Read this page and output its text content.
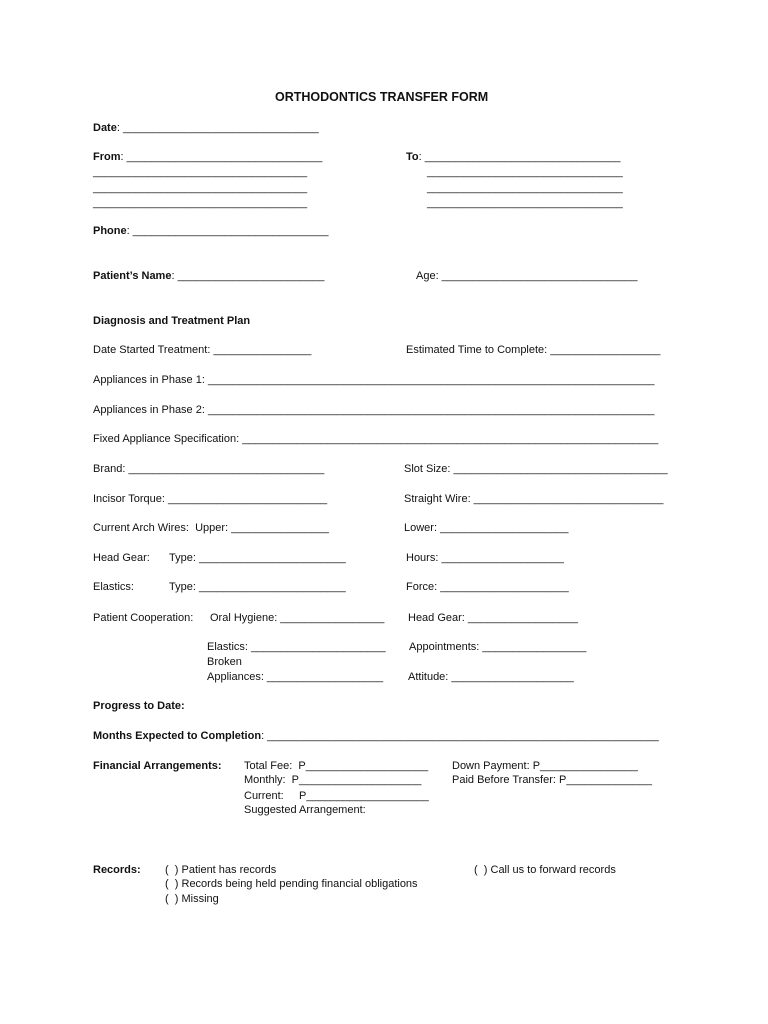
ORTHODONTICS TRANSFER FORM
Date: ________________________________
From: ________________________________
___________________________________
___________________________________
___________________________________
To: ________________________________
________________________________
________________________________
________________________________
Phone: ________________________________
Patient’s Name: ________________________	Age: ________________________________
Diagnosis and Treatment Plan
Date Started Treatment: ________________	Estimated Time to Complete: __________________
Appliances in Phase 1: _________________________________________________________________________
Appliances in Phase 2: _________________________________________________________________________
Fixed Appliance Specification: ____________________________________________________________________
Brand: ________________________________	Slot Size: ___________________________________
Incisor Torque: __________________________	Straight Wire: _______________________________
Current Arch Wires:  Upper: ________________	Lower: _____________________
Head Gear: Type: ________________________	Hours: ____________________
Elastics:	Type: ________________________	Force: _____________________
Patient Cooperation: Oral Hygiene: _________________ Head Gear: __________________
Elastics: ______________________ Appointments: _________________
Broken
Appliances: ___________________ Attitude: ____________________
Progress to Date:
Months Expected to Completion: ________________________________________________________________
Financial Arrangements: Total Fee:  P____________________
Monthly:  P____________________
Current:     P____________________
Suggested Arrangement:
Down Payment: P________________
Paid Before Transfer: P______________
Records: (  ) Patient has records
(  ) Records being held pending financial obligations
(  ) Missing
(  ) Call us to forward records
